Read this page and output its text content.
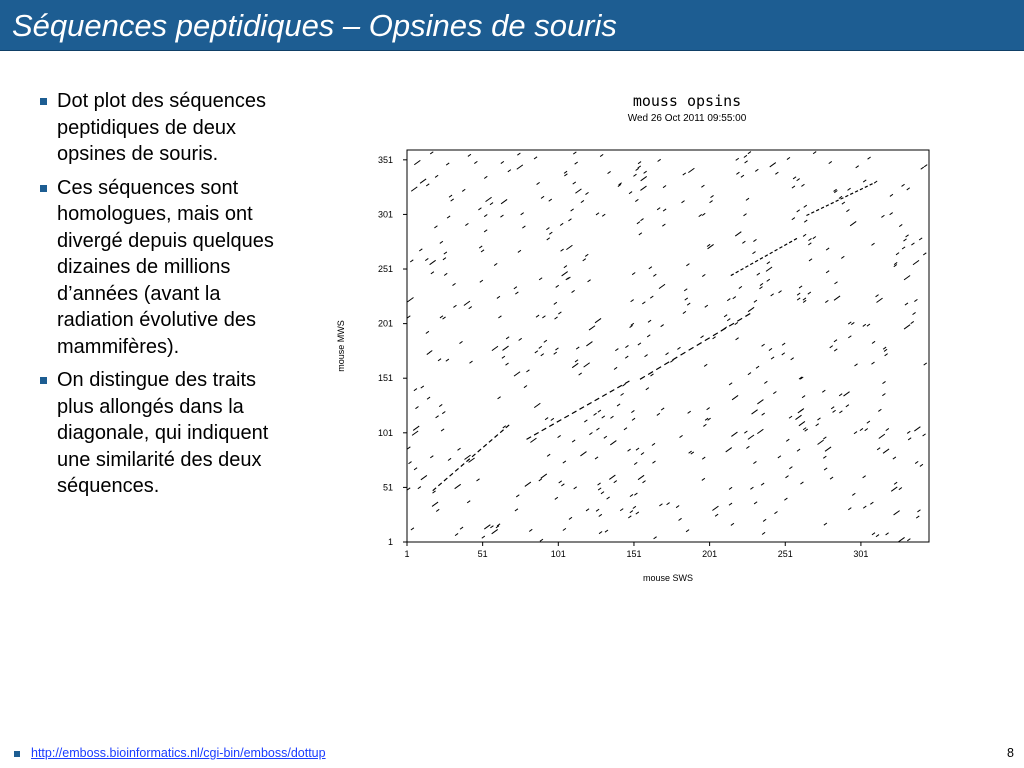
Séquences peptidiques – Opsines de souris
Dot plot des séquences peptidiques de deux opsines de souris.
Ces séquences sont homologues, mais ont divergé depuis quelques dizaines de millions d’années (avant la radiation évolutive des mammifères).
On distingue des traits plus allongés dans la diagonale, qui indiquent une similarité des deux séquences.
mouss opsins
Wed 26 Oct 2011 09:55:00
1	51	101	151	201	251	301
1
51
101
151
201
251
301
351
mouse SWS
mouse MWS
http://emboss.bioinformatics.nl/cgi-bin/emboss/dottup	8
